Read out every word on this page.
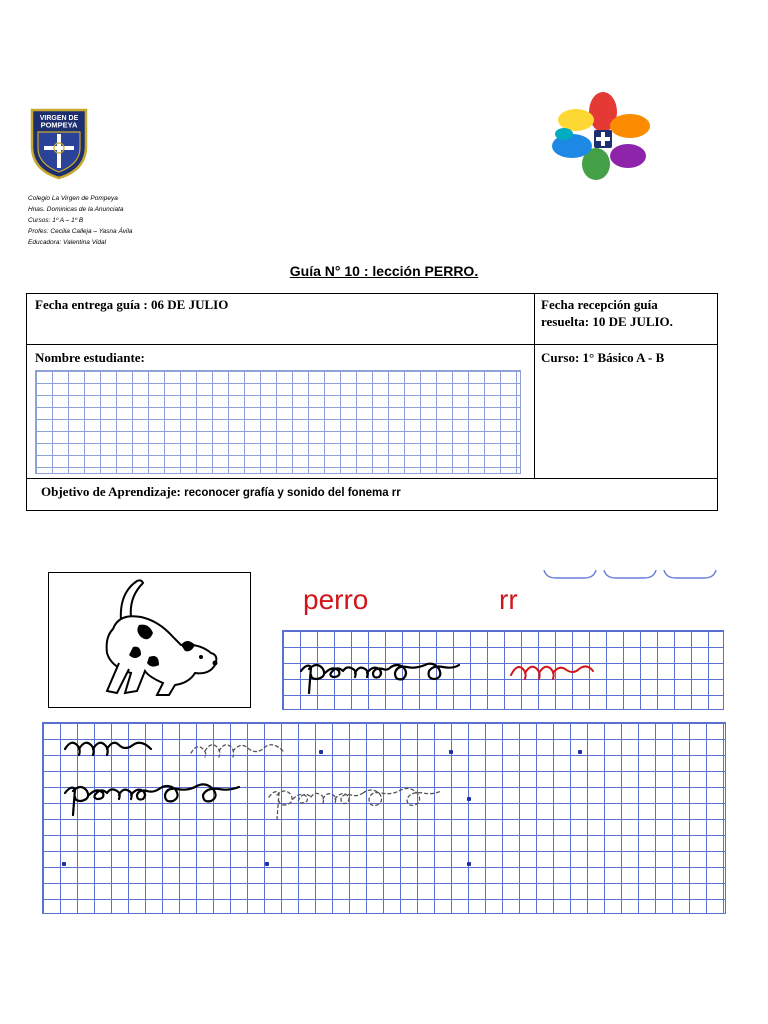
VIRGEN DE
POMPEYA
Colegio La Virgen de Pompeya
Hnas. Dominicas de la Anunciata
Cursos: 1º A – 1º B
Profes: Cecilia Calleja – Yasna Ávila
Educadora: Valentina Vidal
Guía N° 10 : lección PERRO.
Fecha entrega guía : 06 DE JULIO	Fecha recepción guía
resuelta: 10 DE JULIO.
Nombre estudiante:	Curso: 1° Básico A - B
Objetivo de Aprendizaje: reconocer grafía y sonido del fonema rr
perro	rr
